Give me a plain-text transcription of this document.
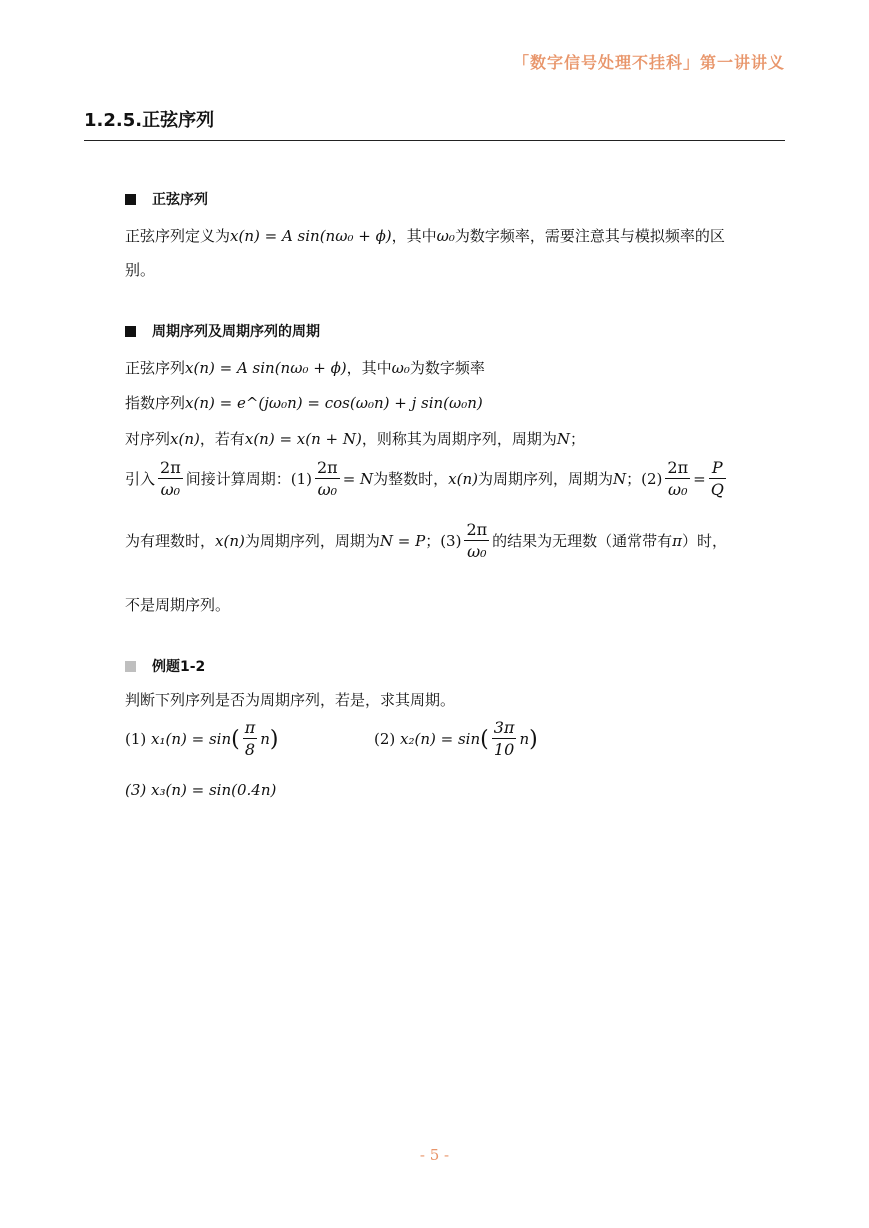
「数字信号处理不挂科」第一讲讲义
1.2.5.正弦序列
正弦序列
正弦序列定义为x(n) = A sin(nω₀ + ϕ)，其中ω₀为数字频率，需要注意其与模拟频率的区
别。
周期序列及周期序列的周期
正弦序列x(n) = A sin(nω₀ + ϕ)，其中ω₀为数字频率
指数序列x(n) = e^(jω₀n) = cos(ω₀n) + j sin(ω₀n)
对序列x(n)，若有x(n) = x(n + N)，则称其为周期序列，周期为N；
引入 $\frac{2\pi}{\text{ω₀}}$ 间接计算周期：$(1) \frac{2\pi}{\text{ω₀}} = N$为整数时，x(n)为周期序列，周期为N；$(2) \frac{2\pi}{\text{ω₀}} = \frac{P}{Q}$
为有理数时，x(n)为周期序列，周期为N = P；$(3) \frac{2\pi}{\text{ω₀}}$ 的结果为无理数（通常带有π）时，
不是周期序列。
例题1-2
判断下列序列是否为周期序列，若是，求其周期。
(1) $x_1(n) = \sin( \frac{\pi}{8} n)$	(2) $x_2(n) = \sin( \frac{3\pi}{10} n)$
(3) x₃(n) = sin(0.4n)
- 5 -
